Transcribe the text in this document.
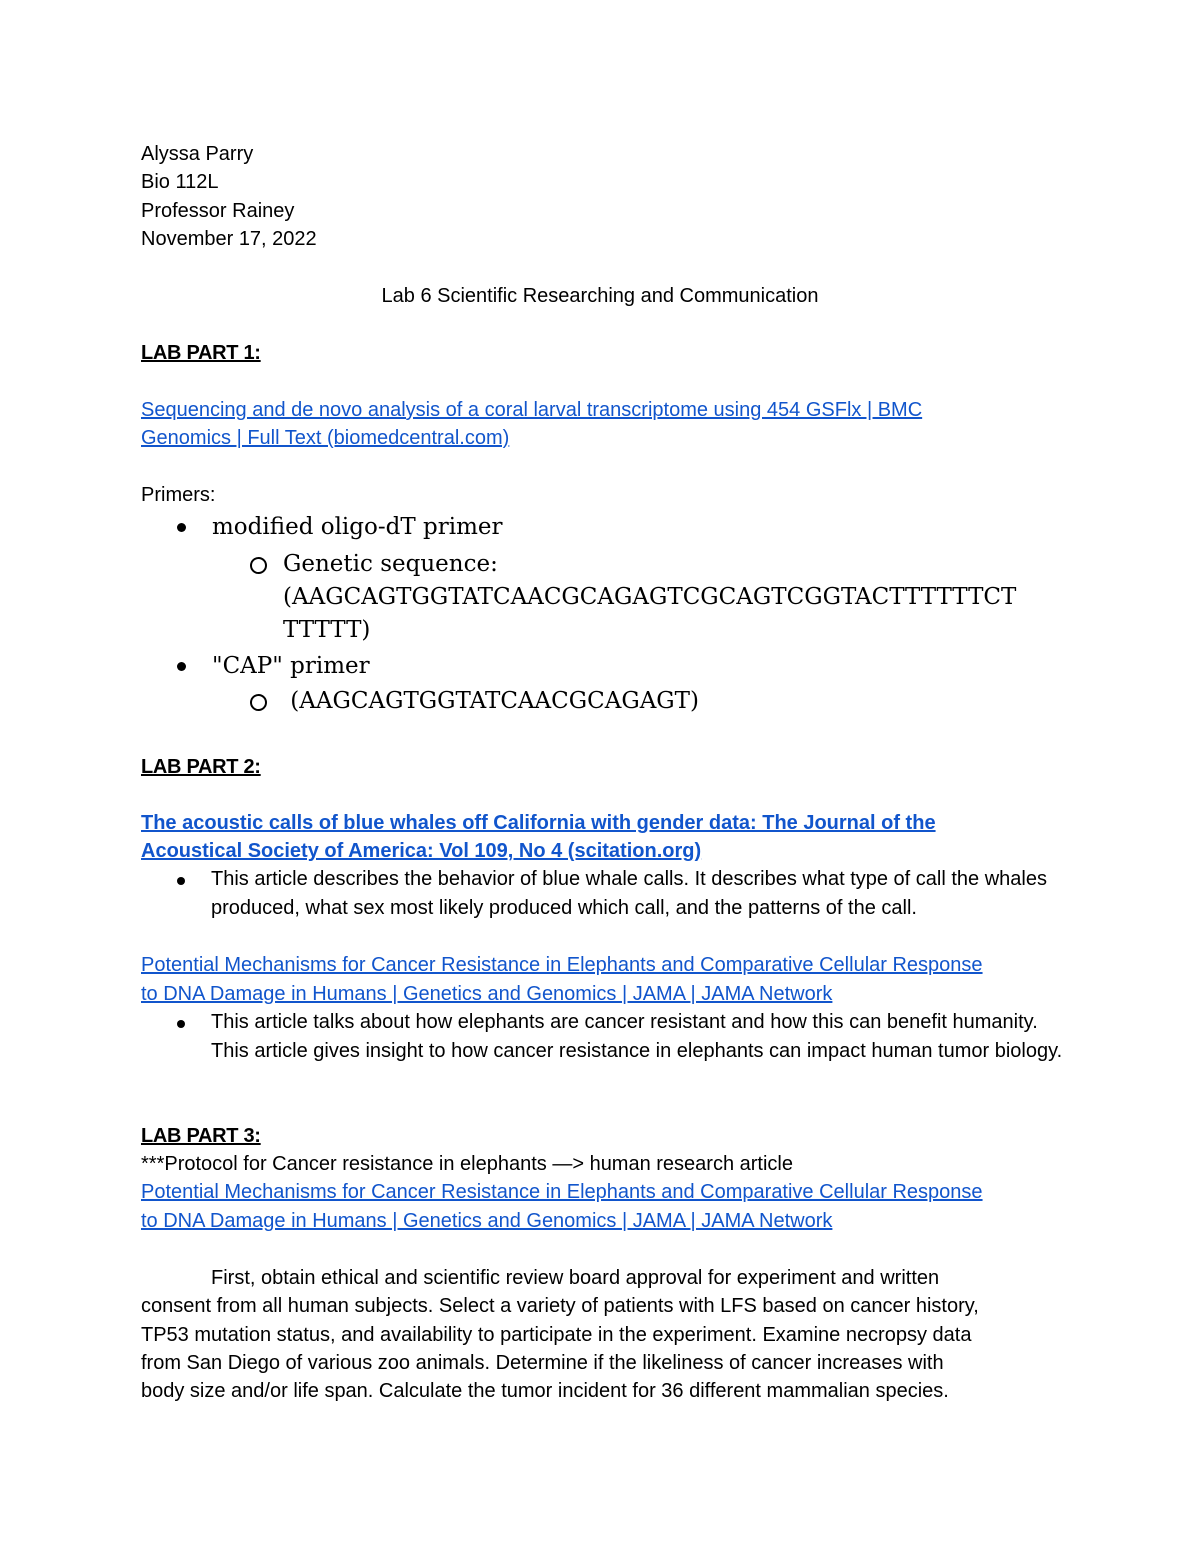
Alyssa Parry
Bio 112L
Professor Rainey
November 17, 2022
Lab 6 Scientific Researching and Communication
LAB PART 1:
Sequencing and de novo analysis of a coral larval transcriptome using 454 GSFlx | BMC
Genomics | Full Text (biomedcentral.com)
Primers:
modified oligo-dT primer
Genetic sequence:
(AAGCAGTGGTATCAACGCAGAGTCGCAGTCGGTACTTTTTTCT
TTTTT)
"CAP" primer
(AAGCAGTGGTATCAACGCAGAGT)
LAB PART 2:
The acoustic calls of blue whales off California with gender data: The Journal of the
Acoustical Society of America: Vol 109, No 4 (scitation.org)
This article describes the behavior of blue whale calls. It describes what type of call the whales produced, what sex most likely produced which call, and the patterns of the call.
Potential Mechanisms for Cancer Resistance in Elephants and Comparative Cellular Response
to DNA Damage in Humans | Genetics and Genomics | JAMA | JAMA Network
This article talks about how elephants are cancer resistant and how this can benefit humanity. This article gives insight to how cancer resistance in elephants can impact human tumor biology.
LAB PART 3:
***Protocol for Cancer resistance in elephants —> human research article
Potential Mechanisms for Cancer Resistance in Elephants and Comparative Cellular Response
to DNA Damage in Humans | Genetics and Genomics | JAMA | JAMA Network
First, obtain ethical and scientific review board approval for experiment and written
consent from all human subjects. Select a variety of patients with LFS based on cancer history,
TP53 mutation status, and availability to participate in the experiment. Examine necropsy data
from San Diego of various zoo animals. Determine if the likeliness of cancer increases with
body size and/or life span. Calculate the tumor incident for 36 different mammalian species.
